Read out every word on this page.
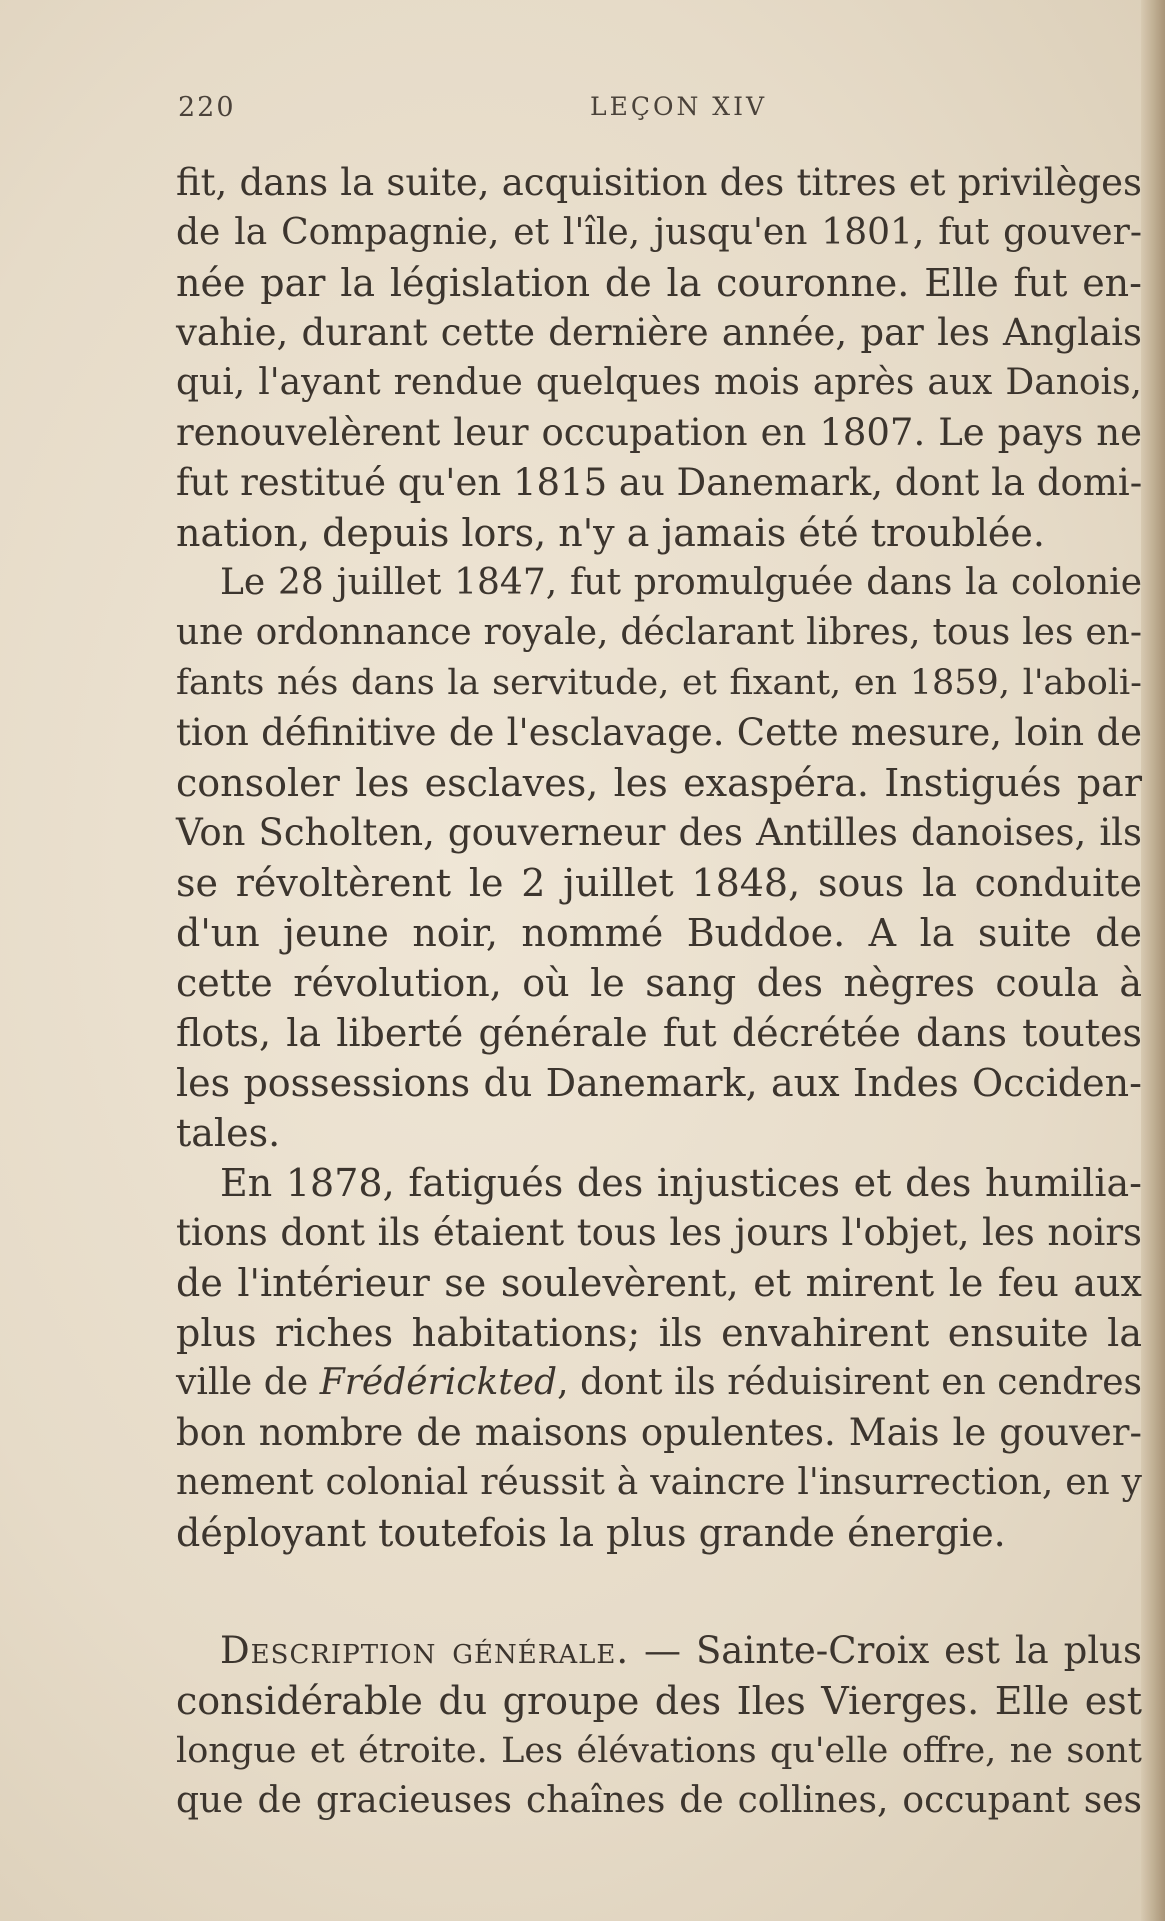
220	LEÇON XIV
fit, dans la suite, acquisition des titres et privilèges
de la Compagnie, et l'île, jusqu'en 1801, fut gouver-
née par la législation de la couronne. Elle fut en-
vahie, durant cette dernière année, par les Anglais
qui, l'ayant rendue quelques mois après aux Danois,
renouvelèrent leur occupation en 1807. Le pays ne
fut restitué qu'en 1815 au Danemark, dont la domi-
nation, depuis lors, n'y a jamais été troublée.
Le 28 juillet 1847, fut promulguée dans la colonie
une ordonnance royale, déclarant libres, tous les en-
fants nés dans la servitude, et fixant, en 1859, l'aboli-
tion définitive de l'esclavage. Cette mesure, loin de
consoler les esclaves, les exaspéra. Instigués par
Von Scholten, gouverneur des Antilles danoises, ils
se révoltèrent le 2 juillet 1848, sous la conduite
d'un jeune noir, nommé Buddoe. A la suite de
cette révolution, où le sang des nègres coula à
flots, la liberté générale fut décrétée dans toutes
les possessions du Danemark, aux Indes Occiden-
tales.
En 1878, fatigués des injustices et des humilia-
tions dont ils étaient tous les jours l'objet, les noirs
de l'intérieur se soulevèrent, et mirent le feu aux
plus riches habitations; ils envahirent ensuite la
ville de Frédérickted, dont ils réduisirent en cendres
bon nombre de maisons opulentes. Mais le gouver-
nement colonial réussit à vaincre l'insurrection, en y
déployant toutefois la plus grande énergie.
Description générale. — Sainte-Croix est la plus
considérable du groupe des Iles Vierges. Elle est
longue et étroite. Les élévations qu'elle offre, ne sont
que de gracieuses chaînes de collines, occupant ses
